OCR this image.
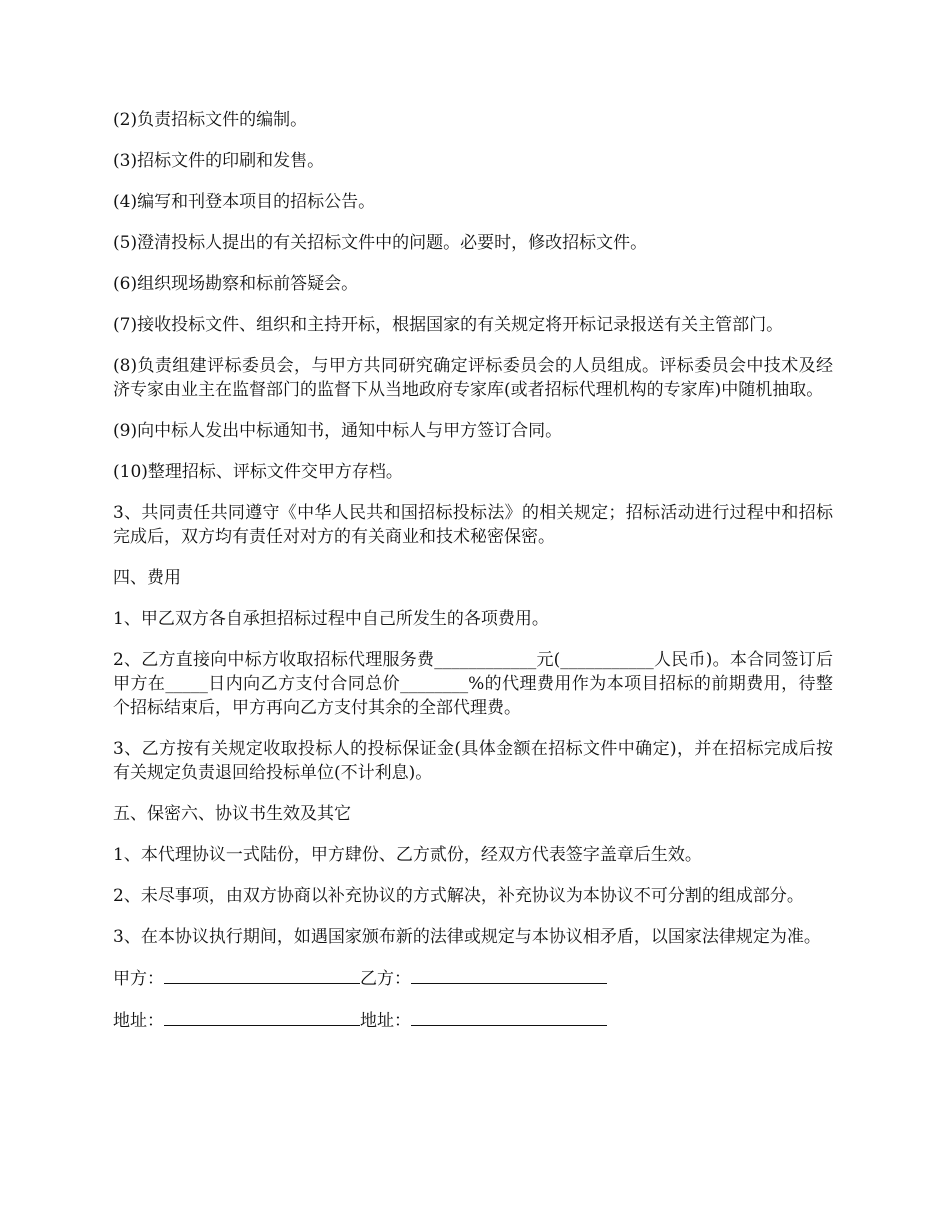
(2)负责招标文件的编制。

(3)招标文件的印刷和发售。

(4)编写和刊登本项目的招标公告。

(5)澄清投标人提出的有关招标文件中的问题。必要时，修改招标文件。

(6)组织现场勘察和标前答疑会。

(7)接收投标文件、组织和主持开标，根据国家的有关规定将开标记录报送有关主管部门。

(8)负责组建评标委员会，与甲方共同研究确定评标委员会的人员组成。评标委员会中技术及经济专家由业主在监督部门的监督下从当地政府专家库(或者招标代理机构的专家库)中随机抽取。

(9)向中标人发出中标通知书，通知中标人与甲方签订合同。

(10)整理招标、评标文件交甲方存档。

3、共同责任共同遵守《中华人民共和国招标投标法》的相关规定；招标活动进行过程中和招标完成后，双方均有责任对对方的有关商业和技术秘密保密。

四、费用

1、甲乙双方各自承担招标过程中自己所发生的各项费用。

2、乙方直接向中标方收取招标代理服务费____________元(___________人民币)。本合同签订后甲方在_____日内向乙方支付合同总价________%的代理费用作为本项目招标的前期费用，待整个招标结束后，甲方再向乙方支付其余的全部代理费。

3、乙方按有关规定收取投标人的投标保证金(具体金额在招标文件中确定)，并在招标完成后按有关规定负责退回给投标单位(不计利息)。

五、保密六、协议书生效及其它

1、本代理协议一式陆份，甲方肆份、乙方贰份，经双方代表签字盖章后生效。

2、未尽事项，由双方协商以补充协议的方式解决，补充协议为本协议不可分割的组成部分。

3、在本协议执行期间，如遇国家颁布新的法律或规定与本协议相矛盾，以国家法律规定为准。

甲方：	乙方：
地址：	地址：
